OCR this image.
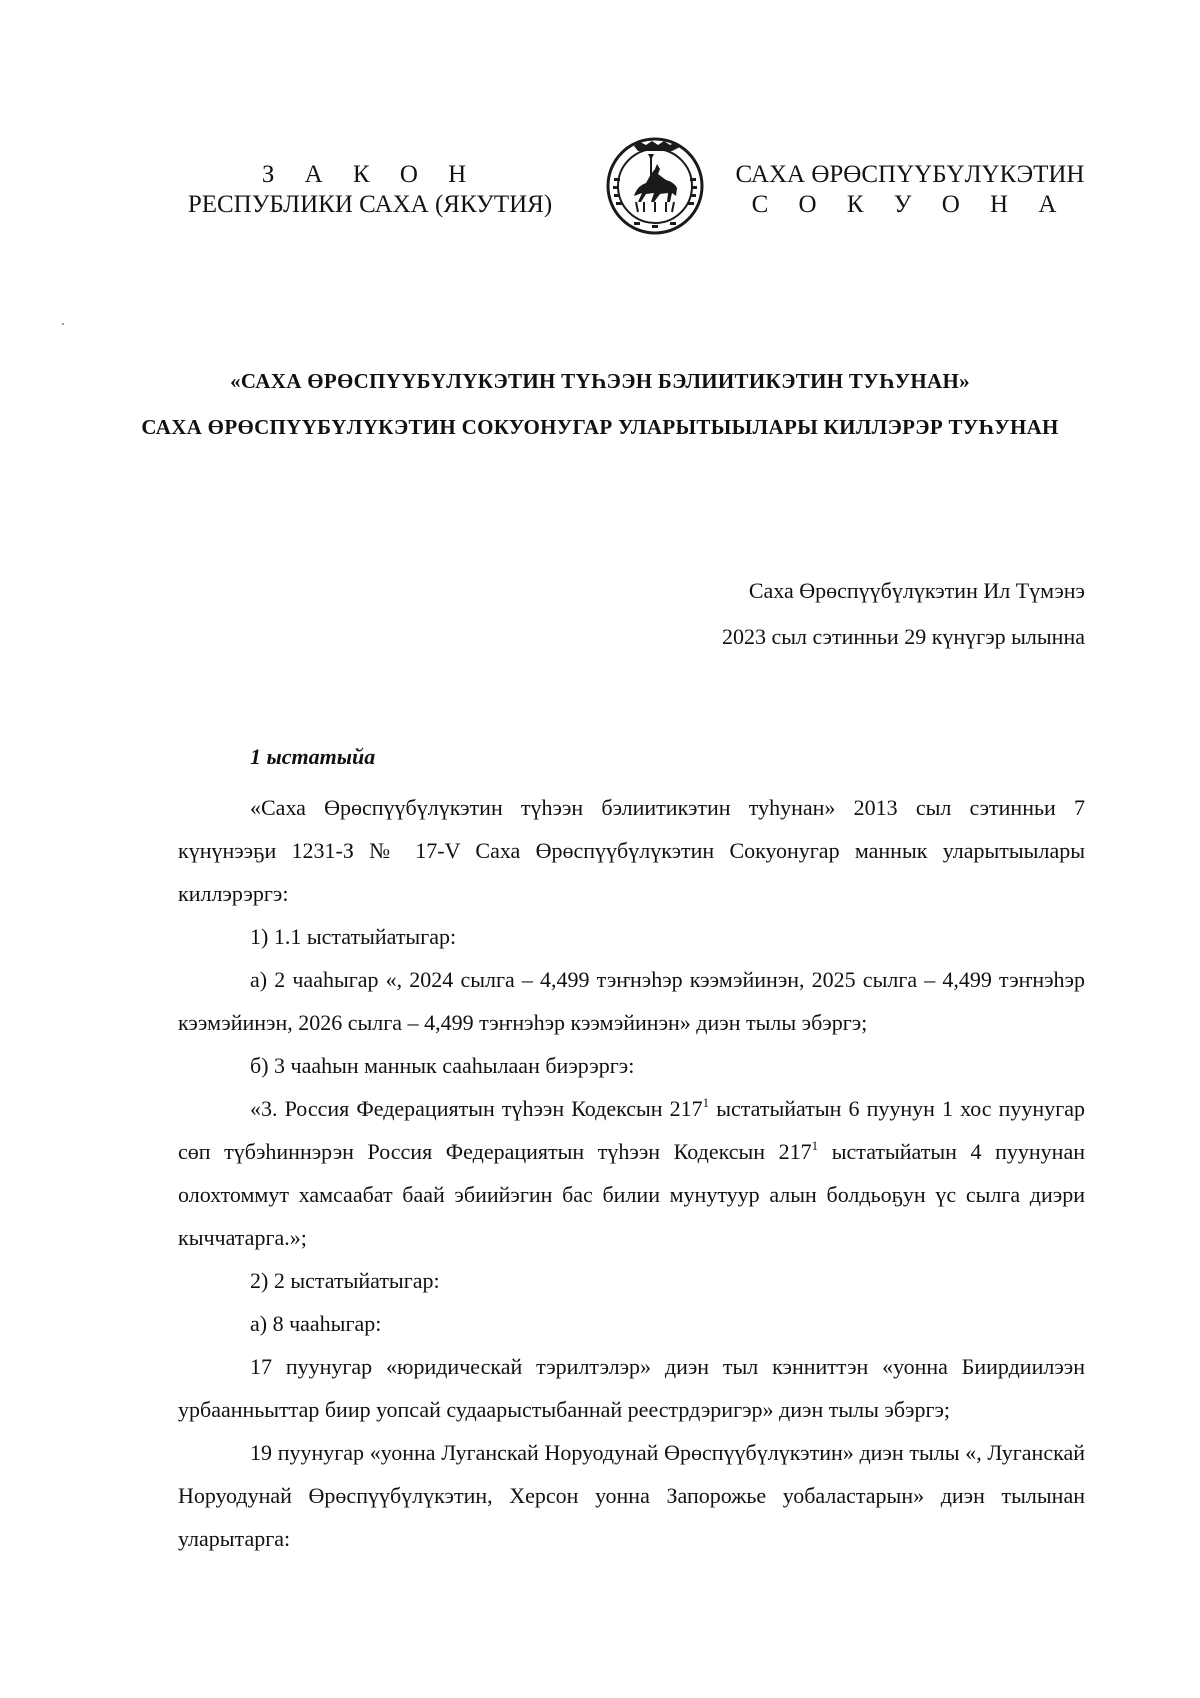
З А К О Н
РЕСПУБЛИКИ САХА (ЯКУТИЯ)
САХА ӨРӨСПҮҮБҮЛҮКЭТИН
С О К У О Н А
«САХА ӨРӨСПҮҮБҮЛҮКЭТИН ТҮҺЭЭН БЭЛИИТИКЭТИН ТУҺУНАН»
САХА ӨРӨСПҮҮБҮЛҮКЭТИН СОКУОНУГАР УЛАРЫТЫЫЛАРЫ КИЛЛЭРЭР ТУҺУНАН
Саха Өрөспүүбүлүкэтин Ил Түмэнэ
2023 сыл сэтинньи 29 күнүгэр ылынна
1 ыстатыйа

«Саха Өрөспүүбүлүкэтин түһээн бэлиитикэтин туһунан» 2013 сыл сэтинньи 7 күнүнээҕи 1231-З № 17-V Саха Өрөспүүбүлүкэтин Сокуонугар маннык уларытыылары киллэрэргэ:

1) 1.1 ыстатыйатыгар:

а) 2 чааһыгар «, 2024 сылга – 4,499 тэҥнэһэр кээмэйинэн, 2025 сылга – 4,499 тэҥнэһэр кээмэйинэн, 2026 сылга – 4,499 тэҥнэһэр кээмэйинэн» диэн тылы эбэргэ;

б) 3 чааһын маннык сааһылаан биэрэргэ:

«3. Россия Федерациятын түһээн Кодексын $217^1$ ыстатыйатын 6 пуунун 1 хос пуунугар сөп түбэһиннэрэн Россия Федерациятын түһээн Кодексын $217^1$ ыстатыйатын 4 пуунунан олохтоммут хамсаабат баай эбиийэгин бас билии мунутуур алын болдьоҕун үс сылга диэри кыччатарга.»;

2) 2 ыстатыйатыгар:

а) 8 чааһыгар:

17 пуунугар «юридическай тэрилтэлэр» диэн тыл кэнниттэн «уонна Биирдиилээн урбаанньыттар биир уопсай судаарыстыбаннай реестрдэригэр» диэн тылы эбэргэ;

19 пуунугар «уонна Луганскай Норуодунай Өрөспүүбүлүкэтин» диэн тылы «, Луганскай Норуодунай Өрөспүүбүлүкэтин, Херсон уонна Запорожье уобаластарын» диэн тылынан уларытарга:
